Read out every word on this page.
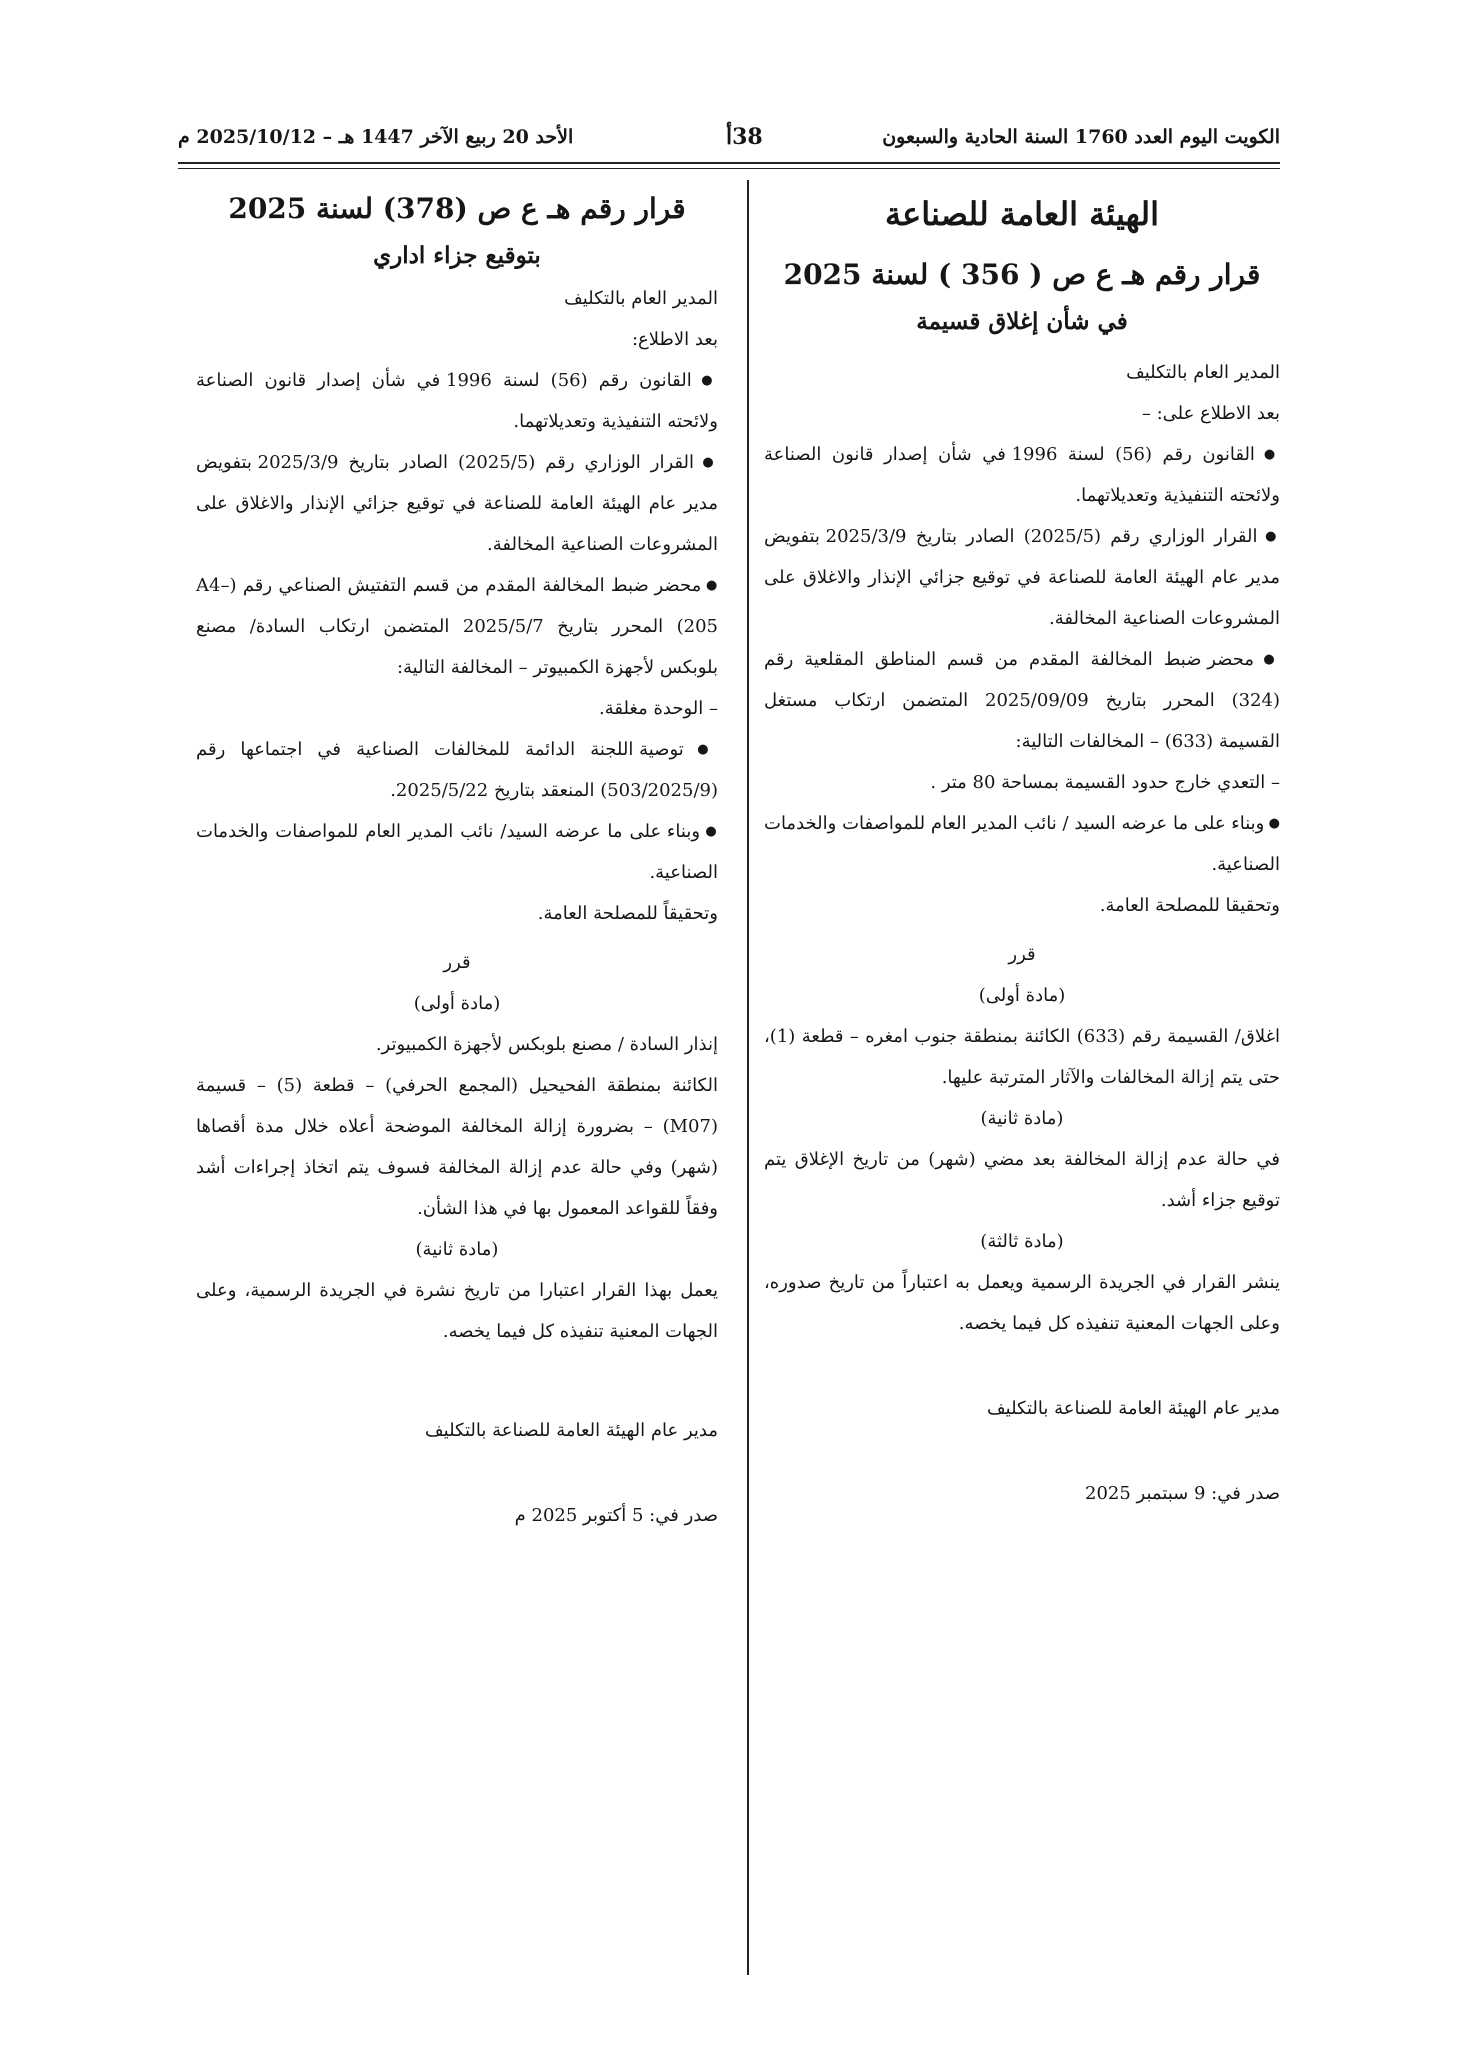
الكويت اليوم العدد 1760 السنة الحادية والسبعون
38أ
الأحد 20 ربيع الآخر 1447 هـ – 2025/10/12 م

الهيئة العامة للصناعة

قرار رقم هـ ع ص ( 356 ) لسنة 2025

في شأن إغلاق قسيمة

المدير العام بالتكليف

بعد الاطلاع على: –

● القانون رقم (56) لسنة 1996 في شأن إصدار قانون الصناعة ولائحته التنفيذية وتعديلاتهما.

● القرار الوزاري رقم (2025/5) الصادر بتاريخ 2025/3/9 بتفويض مدير عام الهيئة العامة للصناعة في توقيع جزائي الإنذار والاغلاق على المشروعات الصناعية المخالفة.

● محضر ضبط المخالفة المقدم من قسم المناطق المقلعية رقم (324) المحرر بتاريخ 2025/09/09 المتضمن ارتكاب مستغل القسيمة (633) – المخالفات التالية:

– التعدي خارج حدود القسيمة بمساحة 80 متر .

● وبناء على ما عرضه السيد / نائب المدير العام للمواصفات والخدمات الصناعية.

وتحقيقا للمصلحة العامة.

قرر

(مادة أولى)

اغلاق/ القسيمة رقم (633) الكائنة بمنطقة جنوب امغره – قطعة (1)، حتى يتم إزالة المخالفات والآثار المترتبة عليها.

(مادة ثانية)

في حالة عدم إزالة المخالفة بعد مضي (شهر) من تاريخ الإغلاق يتم توقيع جزاء أشد.

(مادة ثالثة)

ينشر القرار في الجريدة الرسمية ويعمل به اعتباراً من تاريخ صدوره، وعلى الجهات المعنية تنفيذه كل فيما يخصه.

مدير عام الهيئة العامة للصناعة بالتكليف

صدر في: 9 سبتمبر 2025

قرار رقم هـ ع ص (378) لسنة 2025

بتوقيع جزاء اداري

المدير العام بالتكليف

بعد الاطلاع:

● القانون رقم (56) لسنة 1996 في شأن إصدار قانون الصناعة ولائحته التنفيذية وتعديلاتهما.

● القرار الوزاري رقم (2025/5) الصادر بتاريخ 2025/3/9 بتفويض مدير عام الهيئة العامة للصناعة في توقيع جزائي الإنذار والاغلاق على المشروعات الصناعية المخالفة.

● محضر ضبط المخالفة المقدم من قسم التفتيش الصناعي رقم (A4–205) المحرر بتاريخ 2025/5/7 المتضمن ارتكاب السادة/ مصنع بلوبكس لأجهزة الكمبيوتر – المخالفة التالية:

– الوحدة مغلقة.

● توصية اللجنة الدائمة للمخالفات الصناعية في اجتماعها رقم (503/2025/9) المنعقد بتاريخ 2025/5/22.

● وبناء على ما عرضه السيد/ نائب المدير العام للمواصفات والخدمات الصناعية.

وتحقيقاً للمصلحة العامة.

قرر

(مادة أولى)

إنذار السادة / مصنع بلوبكس لأجهزة الكمبيوتر.

الكائنة بمنطقة الفحيحيل (المجمع الحرفي) – قطعة (5) – قسيمة (M07) – بضرورة إزالة المخالفة الموضحة أعلاه خلال مدة أقصاها (شهر) وفي حالة عدم إزالة المخالفة فسوف يتم اتخاذ إجراءات أشد وفقاً للقواعد المعمول بها في هذا الشأن.

(مادة ثانية)

يعمل بهذا القرار اعتبارا من تاريخ نشرة في الجريدة الرسمية، وعلى الجهات المعنية تنفيذه كل فيما يخصه.

مدير عام الهيئة العامة للصناعة بالتكليف

صدر في: 5 أكتوبر 2025 م
